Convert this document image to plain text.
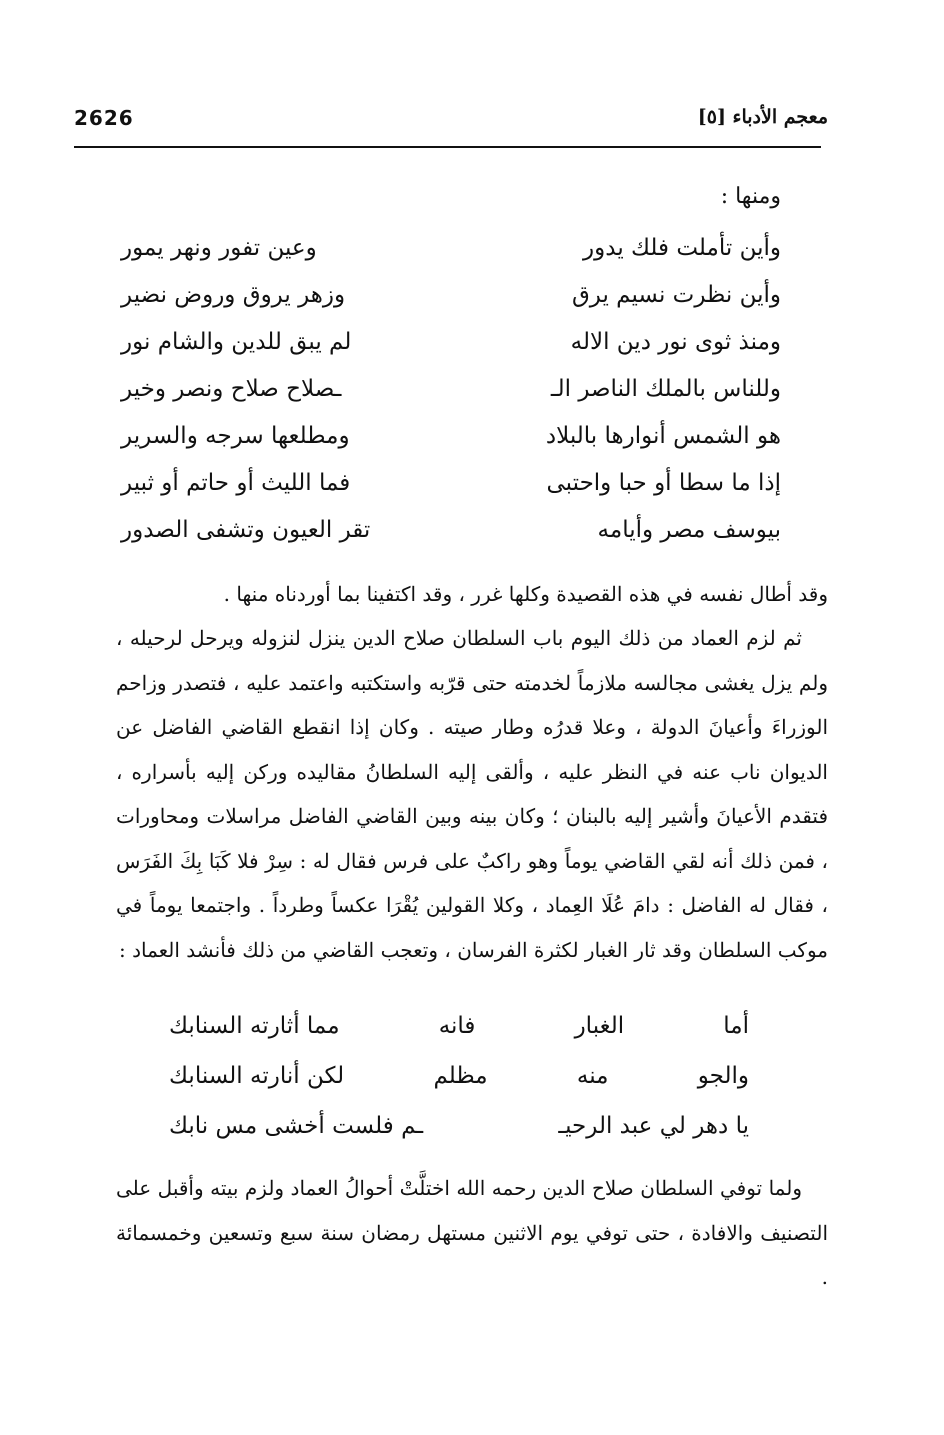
معجم الأدباء [٥]
2626
ومنها :
وأين تأملت فلك يدور
وعين تفور ونهر يمور
وأين نظرت نسيم يرق
وزهر يروق وروض نضير
ومنذ ثوى نور دين الاله
لم يبق للدين والشام نور
وللناس بالملك الناصر الـ
ـصلاح صلاح ونصر وخير
هو الشمس أنوارها بالبلاد
ومطلعها سرجه والسرير
إذا ما سطا أو حبا واحتبى
فما الليث أو حاتم أو ثبير
بيوسف مصر وأيامه
تقر العيون وتشفى الصدور

وقد أطال نفسه في هذه القصيدة وكلها غرر ، وقد اكتفينا بما أوردناه منها .

ثم لزم العماد من ذلك اليوم باب السلطان صلاح الدين ينزل لنزوله ويرحل لرحيله ، ولم يزل يغشى مجالسه ملازماً لخدمته حتى قرّبه واستكتبه واعتمد عليه ، فتصدر وزاحم الوزراءَ وأعيانَ الدولة ، وعلا قدرُه وطار صيته . وكان إذا انقطع القاضي الفاضل عن الديوان ناب عنه في النظر عليه ، وألقى إليه السلطانُ مقاليده وركن إليه بأسراره ، فتقدم الأعيانَ وأشير إليه بالبنان ؛ وكان بينه وبين القاضي الفاضل مراسلات ومحاورات ، فمن ذلك أنه لقي القاضي يوماً وهو راكبٌ على فرس فقال له : سِرْ فلا كَبَا بِكَ الفَرَس ، فقال له الفاضل : دامَ عُلَا العِماد ، وكلا القولين يُقْرَا عكساً وطرداً . واجتمعا يوماً في موكب السلطان وقد ثار الغبار لكثرة الفرسان ، وتعجب القاضي من ذلك فأنشد العماد :

أما
الغبار
فانه
مما أثارته السنابك
والجو
منه
مظلم
لكن أنارته السنابك
يا دهر لي عبد الرحيـ
ـم فلست أخشى مس نابك

ولما توفي السلطان صلاح الدين رحمه الله اختلَّتْ أحوالُ العماد ولزم بيته وأقبل على التصنيف والافادة ، حتى توفي يوم الاثنين مستهل رمضان سنة سبع وتسعين وخمسمائة .
